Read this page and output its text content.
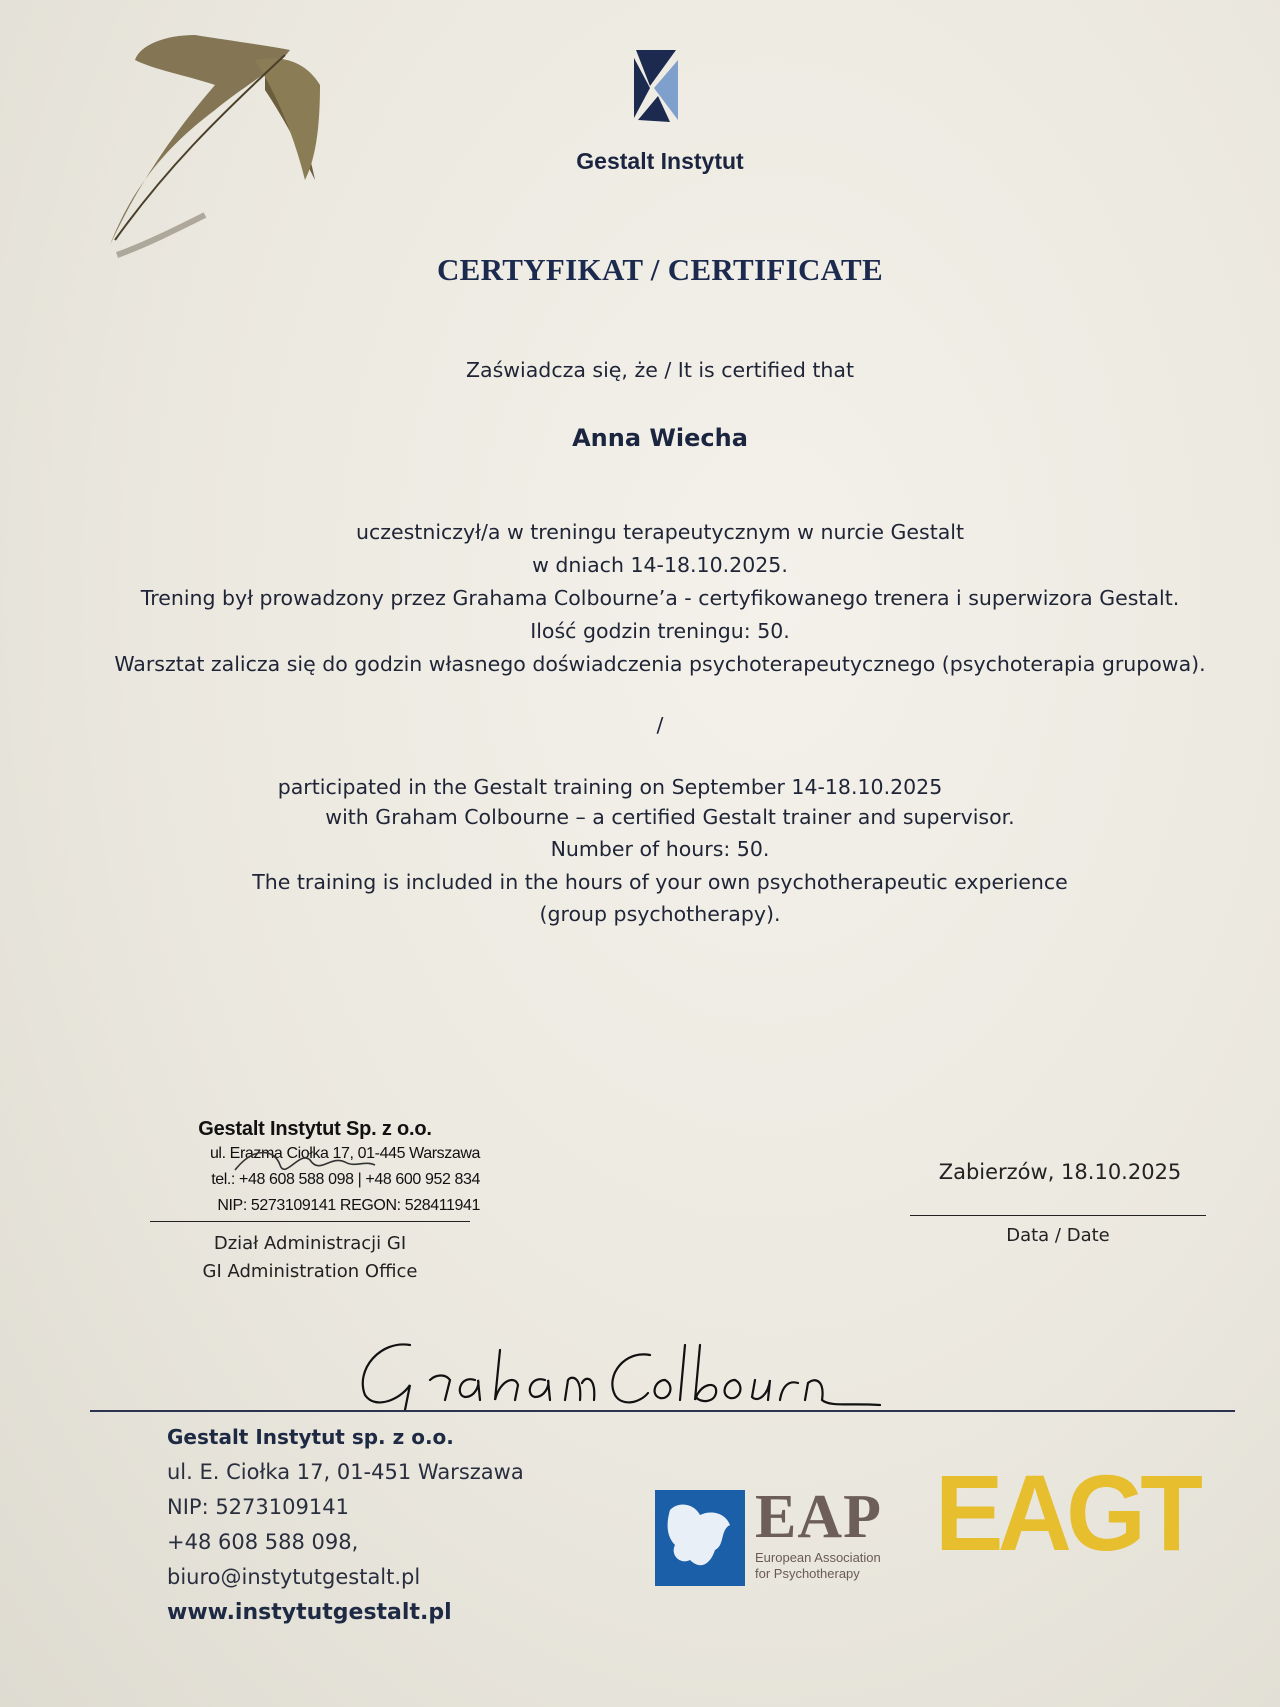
Gestalt Instytut
CERTYFIKAT / CERTIFICATE
Zaświadcza się, że / It is certified that
Anna Wiecha
uczestniczył/a w treningu terapeutycznym w nurcie Gestalt
w dniach 14-18.10.2025.
Trening był prowadzony przez Grahama Colbourne’a - certyfikowanego trenera i superwizora Gestalt.
Ilość godzin treningu: 50.
Warsztat zalicza się do godzin własnego doświadczenia psychoterapeutycznego (psychoterapia grupowa).
/
participated in the Gestalt training on September 14-18.10.2025
with Graham Colbourne – a certified Gestalt trainer and supervisor.
Number of hours: 50.
The training is included in the hours of your own psychotherapeutic experience
(group psychotherapy).
Gestalt Instytut Sp. z o.o.
ul. Erazma Ciołka 17, 01-445 Warszawa
tel.: +48 608 588 098 | +48 600 952 834
NIP: 5273109141 REGON: 528411941
Dział Administracji GI
GI Administration Office
Zabierzów, 18.10.2025
Data / Date
Gestalt Instytut sp. z o.o.
ul. E. Ciołka 17, 01-451 Warszawa
NIP: 5273109141
+48 608 588 098,
biuro@instytutgestalt.pl
www.instytutgestalt.pl
EAP
European Association
for Psychotherapy
EAGT
